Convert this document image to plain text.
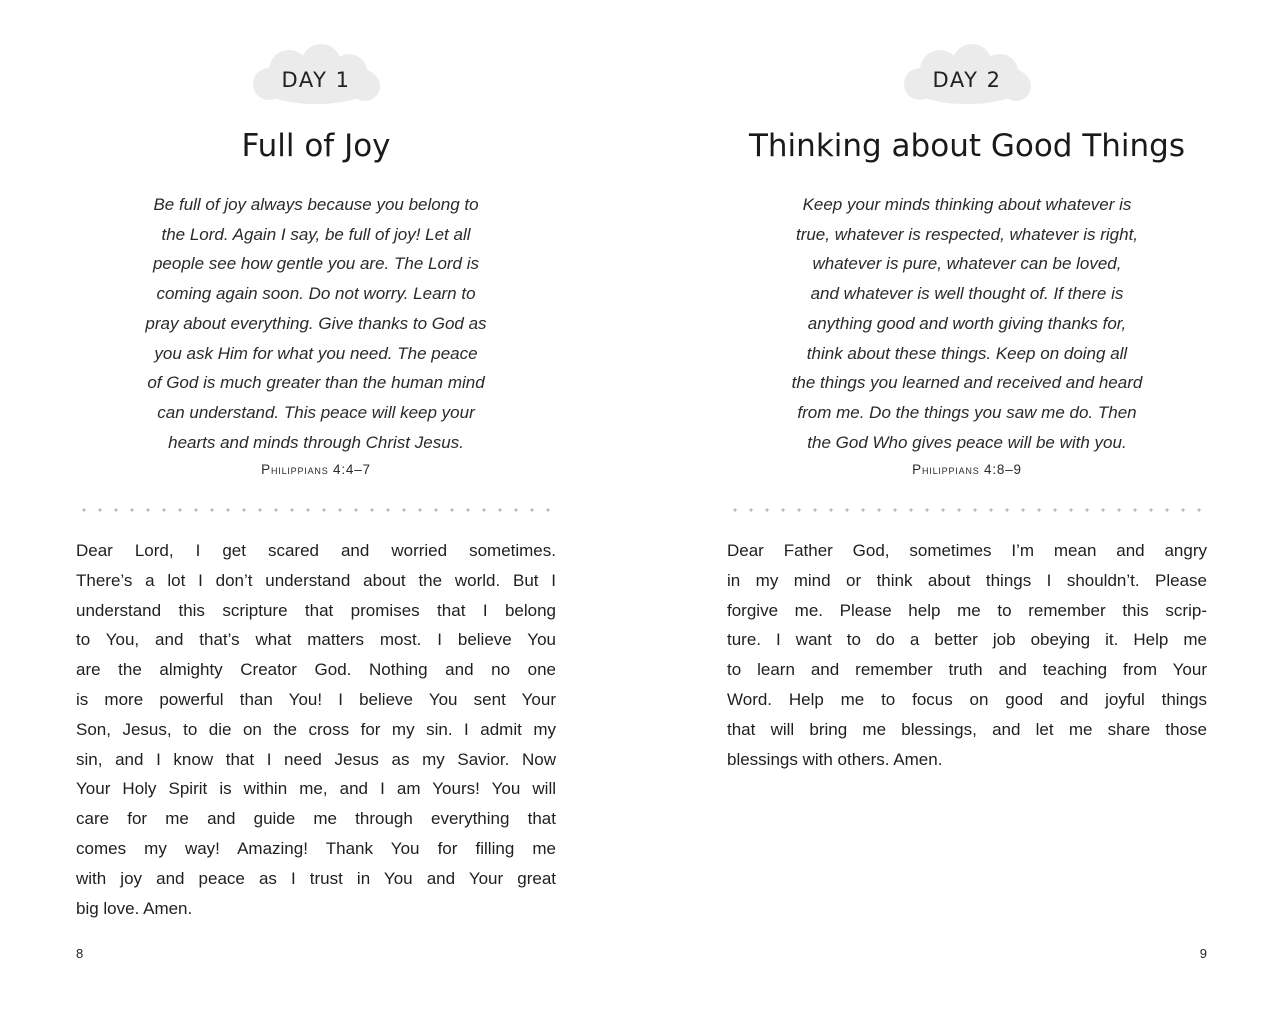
DAY 1
Full of Joy

Be full of joy always because you belong to
the Lord. Again I say, be full of joy! Let all
people see how gentle you are. The Lord is
coming again soon. Do not worry. Learn to
pray about everything. Give thanks to God as
you ask Him for what you need. The peace
of God is much greater than the human mind
can understand. This peace will keep your
hearts and minds through Christ Jesus.

Philippians 4:4–7

Dear Lord, I get scared and worried sometimes.
There’s a lot I don’t understand about the world. But I
understand this scripture that promises that I belong
to You, and that’s what matters most. I believe You
are the almighty Creator God. Nothing and no one
is more powerful than You! I believe You sent Your
Son, Jesus, to die on the cross for my sin. I admit my
sin, and I know that I need Jesus as my Savior. Now
Your Holy Spirit is within me, and I am Yours! You will
care for me and guide me through everything that
comes my way! Amazing! Thank You for filling me
with joy and peace as I trust in You and Your great
big love. Amen.

8
DAY 2
Thinking about Good Things

Keep your minds thinking about whatever is
true, whatever is respected, whatever is right,
whatever is pure, whatever can be loved,
and whatever is well thought of. If there is
anything good and worth giving thanks for,
think about these things. Keep on doing all
the things you learned and received and heard
from me. Do the things you saw me do. Then
the God Who gives peace will be with you.

Philippians 4:8–9

Dear Father God, sometimes I’m mean and angry
in my mind or think about things I shouldn’t. Please
forgive me. Please help me to remember this scrip-
ture. I want to do a better job obeying it. Help me
to learn and remember truth and teaching from Your
Word. Help me to focus on good and joyful things
that will bring me blessings, and let me share those
blessings with others. Amen.

9
